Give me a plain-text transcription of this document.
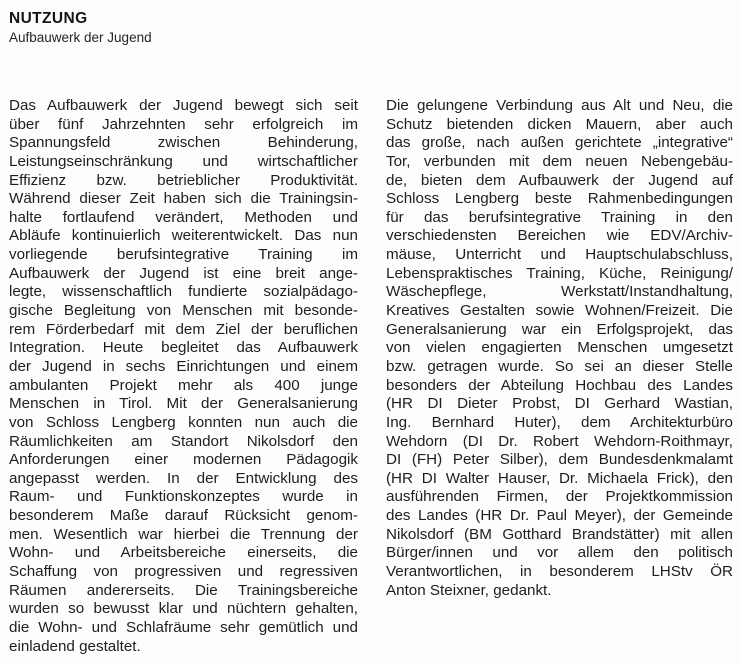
NUTZUNG
Aufbauwerk der Jugend
Das Aufbauwerk der Jugend bewegt sich seit
über fünf Jahrzehnten sehr erfolgreich im
Spannungsfeld zwischen Behinderung,
Leistungseinschränkung und wirtschaftlicher
Effizienz bzw. betrieblicher Produktivität.
Während dieser Zeit haben sich die Trainingsin-
halte fortlaufend verändert, Methoden und
Abläufe kontinuierlich weiterentwickelt. Das nun
vorliegende berufsintegrative Training im
Aufbauwerk der Jugend ist eine breit ange-
legte, wissenschaftlich fundierte sozialpädago-
gische Begleitung von Menschen mit besonde-
rem Förderbedarf mit dem Ziel der beruflichen
Integration. Heute begleitet das Aufbauwerk
der Jugend in sechs Einrichtungen und einem
ambulanten Projekt mehr als 400 junge
Menschen in Tirol. Mit der Generalsanierung
von Schloss Lengberg konnten nun auch die
Räumlichkeiten am Standort Nikolsdorf den
Anforderungen einer modernen Pädagogik
angepasst werden. In der Entwicklung des
Raum- und Funktionskonzeptes wurde in
besonderem Maße darauf Rücksicht genom-
men. Wesentlich war hierbei die Trennung der
Wohn- und Arbeitsbereiche einerseits, die
Schaffung von progressiven und regressiven
Räumen andererseits. Die Trainingsbereiche
wurden so bewusst klar und nüchtern gehalten,
die Wohn- und Schlafräume sehr gemütlich und
einladend gestaltet.
Die gelungene Verbindung aus Alt und Neu, die
Schutz bietenden dicken Mauern, aber auch
das große, nach außen gerichtete „integrative“
Tor, verbunden mit dem neuen Nebengebäu-
de, bieten dem Aufbauwerk der Jugend auf
Schloss Lengberg beste Rahmenbedingungen
für das berufsintegrative Training in den
verschiedensten Bereichen wie EDV/Archiv-
mäuse, Unterricht und Hauptschulabschluss,
Lebenspraktisches Training, Küche, Reinigung/
Wäschepflege, Werkstatt/Instandhaltung,
Kreatives Gestalten sowie Wohnen/Freizeit. Die
Generalsanierung war ein Erfolgsprojekt, das
von vielen engagierten Menschen umgesetzt
bzw. getragen wurde. So sei an dieser Stelle
besonders der Abteilung Hochbau des Landes
(HR DI Dieter Probst, DI Gerhard Wastian,
Ing. Bernhard Huter), dem Architekturbüro
Wehdorn (DI Dr. Robert Wehdorn-Roithmayr,
DI (FH) Peter Silber), dem Bundesdenkmalamt
(HR DI Walter Hauser, Dr. Michaela Frick), den
ausführenden Firmen, der Projektkommission
des Landes (HR Dr. Paul Meyer), der Gemeinde
Nikolsdorf (BM Gotthard Brandstätter) mit allen
Bürger/innen und vor allem den politisch
Verantwortlichen, in besonderem LHStv ÖR
Anton Steixner, gedankt.
